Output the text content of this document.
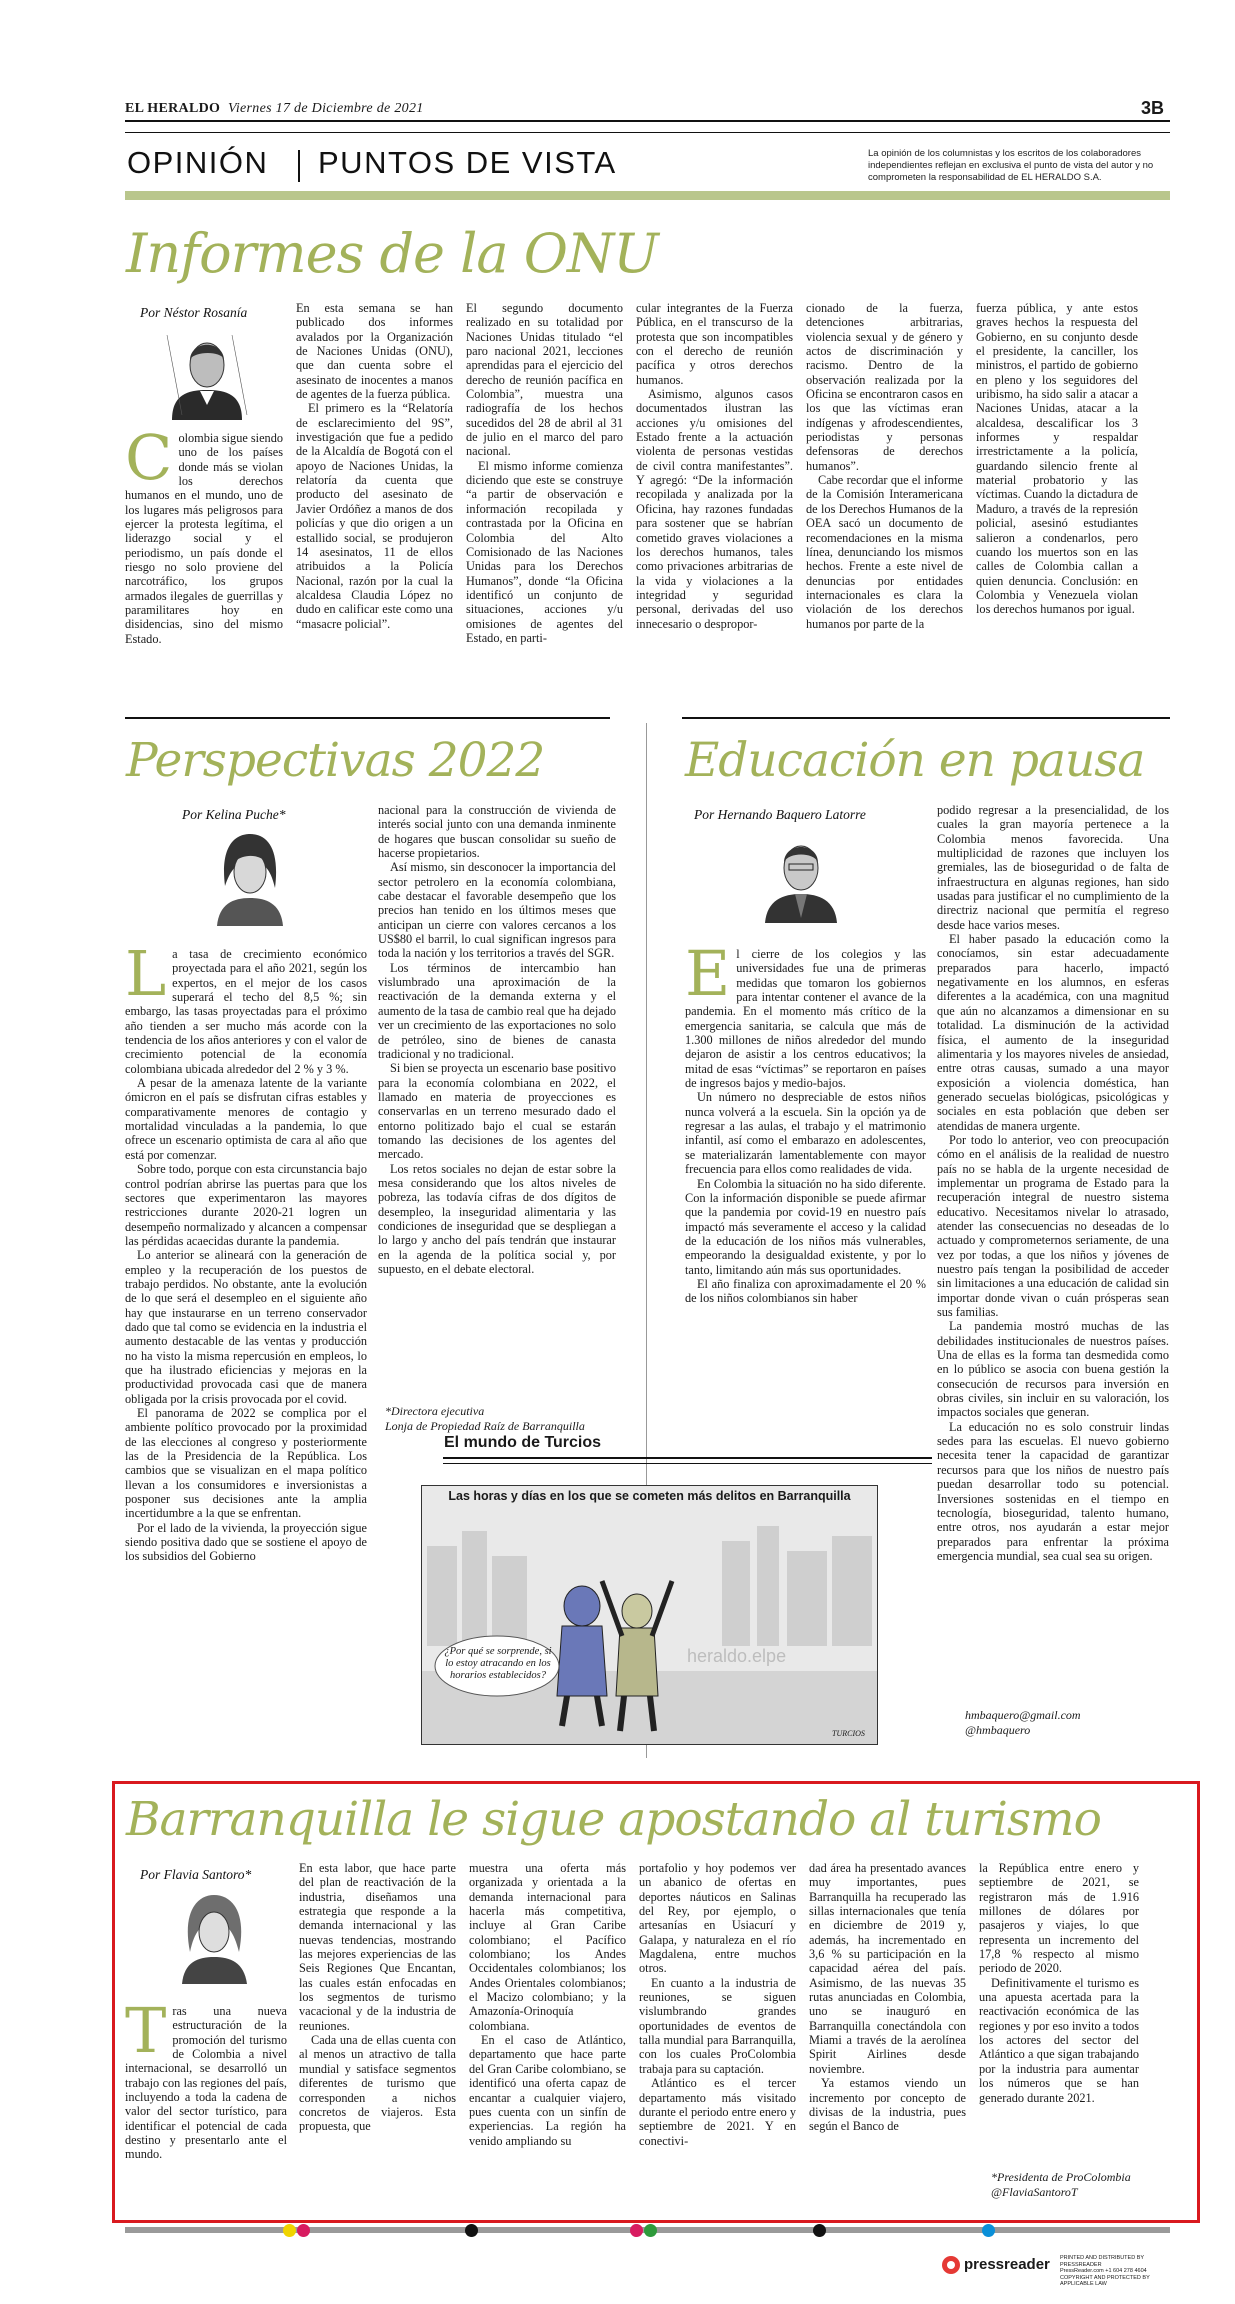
EL HERALDO Viernes 17 de Diciembre de 2021	3B
OPINIÓN PUNTOS DE VISTA	La opinión de los columnistas y los escritos de los colaboradores independientes reflejan en exclusiva el punto de vista del autor y no comprometen la responsabilidad de EL HERALDO S.A.
Informes de la ONU
Por Néstor Rosanía
Colombia sigue siendo uno de los países donde más se violan los derechos humanos en el mundo, uno de los lugares más peligrosos para ejercer la protesta legítima, el liderazgo social y el periodismo, un país donde el riesgo no solo proviene del narcotráfico, los grupos armados ilegales de guerrillas y paramilitares hoy en disidencias, sino del mismo Estado.

En esta semana se han publicado dos informes avalados por la Organización de Naciones Unidas (ONU), que dan cuenta sobre el asesinato de inocentes a manos de agentes de la fuerza pública.

El primero es la “Relatoría de esclarecimiento del 9S”, investigación que fue a pedido de la Alcaldía de Bogotá con el apoyo de Naciones Unidas, la relatoría da cuenta que producto del asesinato de Javier Ordóñez a manos de dos policías y que dio origen a un estallido social, se produjeron 14 asesinatos, 11 de ellos atribuidos a la Policía Nacional, razón por la cual la alcaldesa Claudia López no dudo en calificar este como una “masacre policial”.

El segundo documento realizado en su totalidad por Naciones Unidas titulado “el paro nacional 2021, lecciones aprendidas para el ejercicio del derecho de reunión pacífica en Colombia”, muestra una radiografía de los hechos sucedidos del 28 de abril al 31 de julio en el marco del paro nacional.

El mismo informe comienza diciendo que este se construye “a partir de observación e información recopilada y contrastada por la Oficina en Colombia del Alto Comisionado de las Naciones Unidas para los Derechos Humanos”, donde “la Oficina identificó un conjunto de situaciones, acciones y/u omisiones de agentes del Estado, en parti-

cular integrantes de la Fuerza Pública, en el transcurso de la protesta que son incompatibles con el derecho de reunión pacífica y otros derechos humanos.

Asimismo, algunos casos documentados ilustran las acciones y/u omisiones del Estado frente a la actuación violenta de personas vestidas de civil contra manifestantes”. Y agregó: “De la información recopilada y analizada por la Oficina, hay razones fundadas para sostener que se habrían cometido graves violaciones a los derechos humanos, tales como privaciones arbitrarias de la vida y violaciones a la integridad y seguridad personal, derivadas del uso innecesario o despropor-

cionado de la fuerza, detenciones arbitrarias, violencia sexual y de género y actos de discriminación y racismo. Dentro de la observación realizada por la Oficina se encontraron casos en los que las víctimas eran indígenas y afrodescendientes, periodistas y personas defensoras de derechos humanos”.

Cabe recordar que el informe de la Comisión Interamericana de los Derechos Humanos de la OEA sacó un documento de recomendaciones en la misma línea, denunciando los mismos hechos. Frente a este nivel de denuncias por entidades internacionales es clara la violación de los derechos humanos por parte de la

fuerza pública, y ante estos graves hechos la respuesta del Gobierno, en su conjunto desde el presidente, la canciller, los ministros, el partido de gobierno en pleno y los seguidores del uribismo, ha sido salir a atacar a Naciones Unidas, atacar a la alcaldesa, descalificar los 3 informes y respaldar irrestrictamente a la policía, guardando silencio frente al material probatorio y las víctimas. Cuando la dictadura de Maduro, a través de la represión policial, asesinó estudiantes salieron a condenarlos, pero cuando los muertos son en las calles de Colombia callan a quien denuncia. Conclusión: en Colombia y Venezuela violan los derechos humanos por igual.
Perspectivas 2022
Por Kelina Puche*
La tasa de crecimiento económico proyectada para el año 2021, según los expertos, en el mejor de los casos superará el techo del 8,5 %; sin embargo, las tasas proyectadas para el próximo año tienden a ser mucho más acorde con la tendencia de los años anteriores y con el valor de crecimiento potencial de la economía colombiana ubicada alrededor del 2 % y 3 %.

A pesar de la amenaza latente de la variante ómicron en el país se disfrutan cifras estables y comparativamente menores de contagio y mortalidad vinculadas a la pandemia, lo que ofrece un escenario optimista de cara al año que está por comenzar.

Sobre todo, porque con esta circunstancia bajo control podrían abrirse las puertas para que los sectores que experimentaron las mayores restricciones durante 2020-21 logren un desempeño normalizado y alcancen a compensar las pérdidas acaecidas durante la pandemia.

Lo anterior se alineará con la generación de empleo y la recuperación de los puestos de trabajo perdidos. No obstante, ante la evolución de lo que será el desempleo en el siguiente año hay que instaurarse en un terreno conservador dado que tal como se evidencia en la industria el aumento destacable de las ventas y producción no ha visto la misma repercusión en empleos, lo que ha ilustrado eficiencias y mejoras en la productividad provocada casi que de manera obligada por la crisis provocada por el covid.

El panorama de 2022 se complica por el ambiente político provocado por la proximidad de las elecciones al congreso y posteriormente las de la Presidencia de la República. Los cambios que se visualizan en el mapa político llevan a los consumidores e inversionistas a posponer sus decisiones ante la amplia incertidumbre a la que se enfrentan.

Por el lado de la vivienda, la proyección sigue siendo positiva dado que se sostiene el apoyo de los subsidios del Gobierno

nacional para la construcción de vivienda de interés social junto con una demanda inminente de hogares que buscan consolidar su sueño de hacerse propietarios.

Así mismo, sin desconocer la importancia del sector petrolero en la economía colombiana, cabe destacar el favorable desempeño que los precios han tenido en los últimos meses que anticipan un cierre con valores cercanos a los US$80 el barril, lo cual significan ingresos para toda la nación y los territorios a través del SGR.

Los términos de intercambio han vislumbrado una aproximación de la reactivación de la demanda externa y el aumento de la tasa de cambio real que ha dejado ver un crecimiento de las exportaciones no solo de petróleo, sino de bienes de canasta tradicional y no tradicional.

Si bien se proyecta un escenario base positivo para la economía colombiana en 2022, el llamado en materia de proyecciones es conservarlas en un terreno mesurado dado el entorno politizado bajo el cual se estarán tomando las decisiones de los agentes del mercado.

Los retos sociales no dejan de estar sobre la mesa considerando que los altos niveles de pobreza, las todavía cifras de dos dígitos de desempleo, la inseguridad alimentaria y las condiciones de inseguridad que se despliegan a lo largo y ancho del país tendrán que instaurar en la agenda de la política social y, por supuesto, en el debate electoral.

*Directora ejecutiva
Lonja de Propiedad Raíz de Barranquilla
Educación en pausa
Por Hernando Baquero Latorre
El cierre de los colegios y las universidades fue una de primeras medidas que tomaron los gobiernos para intentar contener el avance de la pandemia. En el momento más crítico de la emergencia sanitaria, se calcula que más de 1.300 millones de niños alrededor del mundo dejaron de asistir a los centros educativos; la mitad de esas “víctimas” se reportaron en países de ingresos bajos y medio-bajos.

Un número no despreciable de estos niños nunca volverá a la escuela. Sin la opción ya de regresar a las aulas, el trabajo y el matrimonio infantil, así como el embarazo en adolescentes, se materializarán lamentablemente con mayor frecuencia para ellos como realidades de vida.

En Colombia la situación no ha sido diferente. Con la información disponible se puede afirmar que la pandemia por covid-19 en nuestro país impactó más severamente el acceso y la calidad de la educación de los niños más vulnerables, empeorando la desigualdad existente, y por lo tanto, limitando aún más sus oportunidades.

El año finaliza con aproximadamente el 20 % de los niños colombianos sin haber

podido regresar a la presencialidad, de los cuales la gran mayoría pertenece a la Colombia menos favorecida. Una multiplicidad de razones que incluyen los gremiales, las de bioseguridad o de falta de infraestructura en algunas regiones, han sido usadas para justificar el no cumplimiento de la directriz nacional que permitía el regreso desde hace varios meses.

El haber pasado la educación como la conocíamos, sin estar adecuadamente preparados para hacerlo, impactó negativamente en los alumnos, en esferas diferentes a la académica, con una magnitud que aún no alcanzamos a dimensionar en su totalidad. La disminución de la actividad física, el aumento de la inseguridad alimentaria y los mayores niveles de ansiedad, entre otras causas, sumado a una mayor exposición a violencia doméstica, han generado secuelas biológicas, psicológicas y sociales en esta población que deben ser atendidas de manera urgente.

Por todo lo anterior, veo con preocupación cómo en el análisis de la realidad de nuestro país no se habla de la urgente necesidad de implementar un programa de Estado para la recuperación integral de nuestro sistema educativo. Necesitamos nivelar lo atrasado, atender las consecuencias no deseadas de lo actuado y comprometernos seriamente, de una vez por todas, a que los niños y jóvenes de nuestro país tengan la posibilidad de acceder sin limitaciones a una educación de calidad sin importar donde vivan o cuán prósperas sean sus familias.

La pandemia mostró muchas de las debilidades institucionales de nuestros países. Una de ellas es la forma tan desmedida como en lo público se asocia con buena gestión la consecución de recursos para inversión en obras civiles, sin incluir en su valoración, los impactos sociales que generan.

La educación no es solo construir lindas sedes para las escuelas. El nuevo gobierno necesita tener la capacidad de garantizar recursos para que los niños de nuestro país puedan desarrollar todo su potencial. Inversiones sostenidas en el tiempo en tecnología, bioseguridad, talento humano, entre otros, nos ayudarán a estar mejor preparados para enfrentar la próxima emergencia mundial, sea cual sea su origen.

hmbaquero@gmail.com
@hmbaquero
El mundo de Turcios
Las horas y días en los que se cometen más delitos en Barranquilla
¿Por qué se sorprende, si lo estoy atracando en los horarios establecidos?
heraldo.elpe
TURCIOS
Barranquilla le sigue apostando al turismo
Por Flavia Santoro*
Tras una nueva estructuración de la promoción del turismo de Colombia a nivel internacional, se desarrolló un trabajo con las regiones del país, incluyendo a toda la cadena de valor del sector turístico, para identificar el potencial de cada destino y presentarlo ante el mundo.

En esta labor, que hace parte del plan de reactivación de la industria, diseñamos una estrategia que responde a la demanda internacional y las nuevas tendencias, mostrando las mejores experiencias de las Seis Regiones Que Encantan, las cuales están enfocadas en los segmentos de turismo vacacional y de la industria de reuniones.

Cada una de ellas cuenta con al menos un atractivo de talla mundial y satisface segmentos diferentes de turismo que corresponden a nichos concretos de viajeros. Esta propuesta, que

muestra una oferta más organizada y orientada a la demanda internacional para hacerla más competitiva, incluye al Gran Caribe colombiano; el Pacífico colombiano; los Andes Occidentales colombianos; los Andes Orientales colombianos; el Macizo colombiano; y la Amazonía-Orinoquía colombiana.

En el caso de Atlántico, departamento que hace parte del Gran Caribe colombiano, se identificó una oferta capaz de encantar a cualquier viajero, pues cuenta con un sinfín de experiencias. La región ha venido ampliando su

portafolio y hoy podemos ver un abanico de ofertas en deportes náuticos en Salinas del Rey, por ejemplo, o artesanías en Usiacurí y Galapa, y naturaleza en el río Magdalena, entre muchos otros.

En cuanto a la industria de reuniones, se siguen vislumbrando grandes oportunidades de eventos de talla mundial para Barranquilla, con los cuales ProColombia trabaja para su captación.

Atlántico es el tercer departamento más visitado durante el periodo entre enero y septiembre de 2021. Y en conectivi-

dad área ha presentado avances muy importantes, pues Barranquilla ha recuperado las sillas internacionales que tenía en diciembre de 2019 y, además, ha incrementado en 3,6 % su participación en la capacidad aérea del país. Asimismo, de las nuevas 35 rutas anunciadas en Colombia, uno se inauguró en Barranquilla conectándola con Miami a través de la aerolínea Spirit Airlines desde noviembre.

Ya estamos viendo un incremento por concepto de divisas de la industria, pues según el Banco de

la República entre enero y septiembre de 2021, se registraron más de 1.916 millones de dólares por pasajeros y viajes, lo que representa un incremento del 17,8 % respecto al mismo periodo de 2020.

Definitivamente el turismo es una apuesta acertada para la reactivación económica de las regiones y por eso invito a todos los actores del sector del Atlántico a que sigan trabajando por la industria para aumentar los números que se han generado durante 2021.

*Presidenta de ProColombia
@FlaviaSantoroT
pressreader PRINTED AND DISTRIBUTED BY PRESSREADER
PressReader.com +1 604 278 4604
COPYRIGHT AND PROTECTED BY APPLICABLE LAW
